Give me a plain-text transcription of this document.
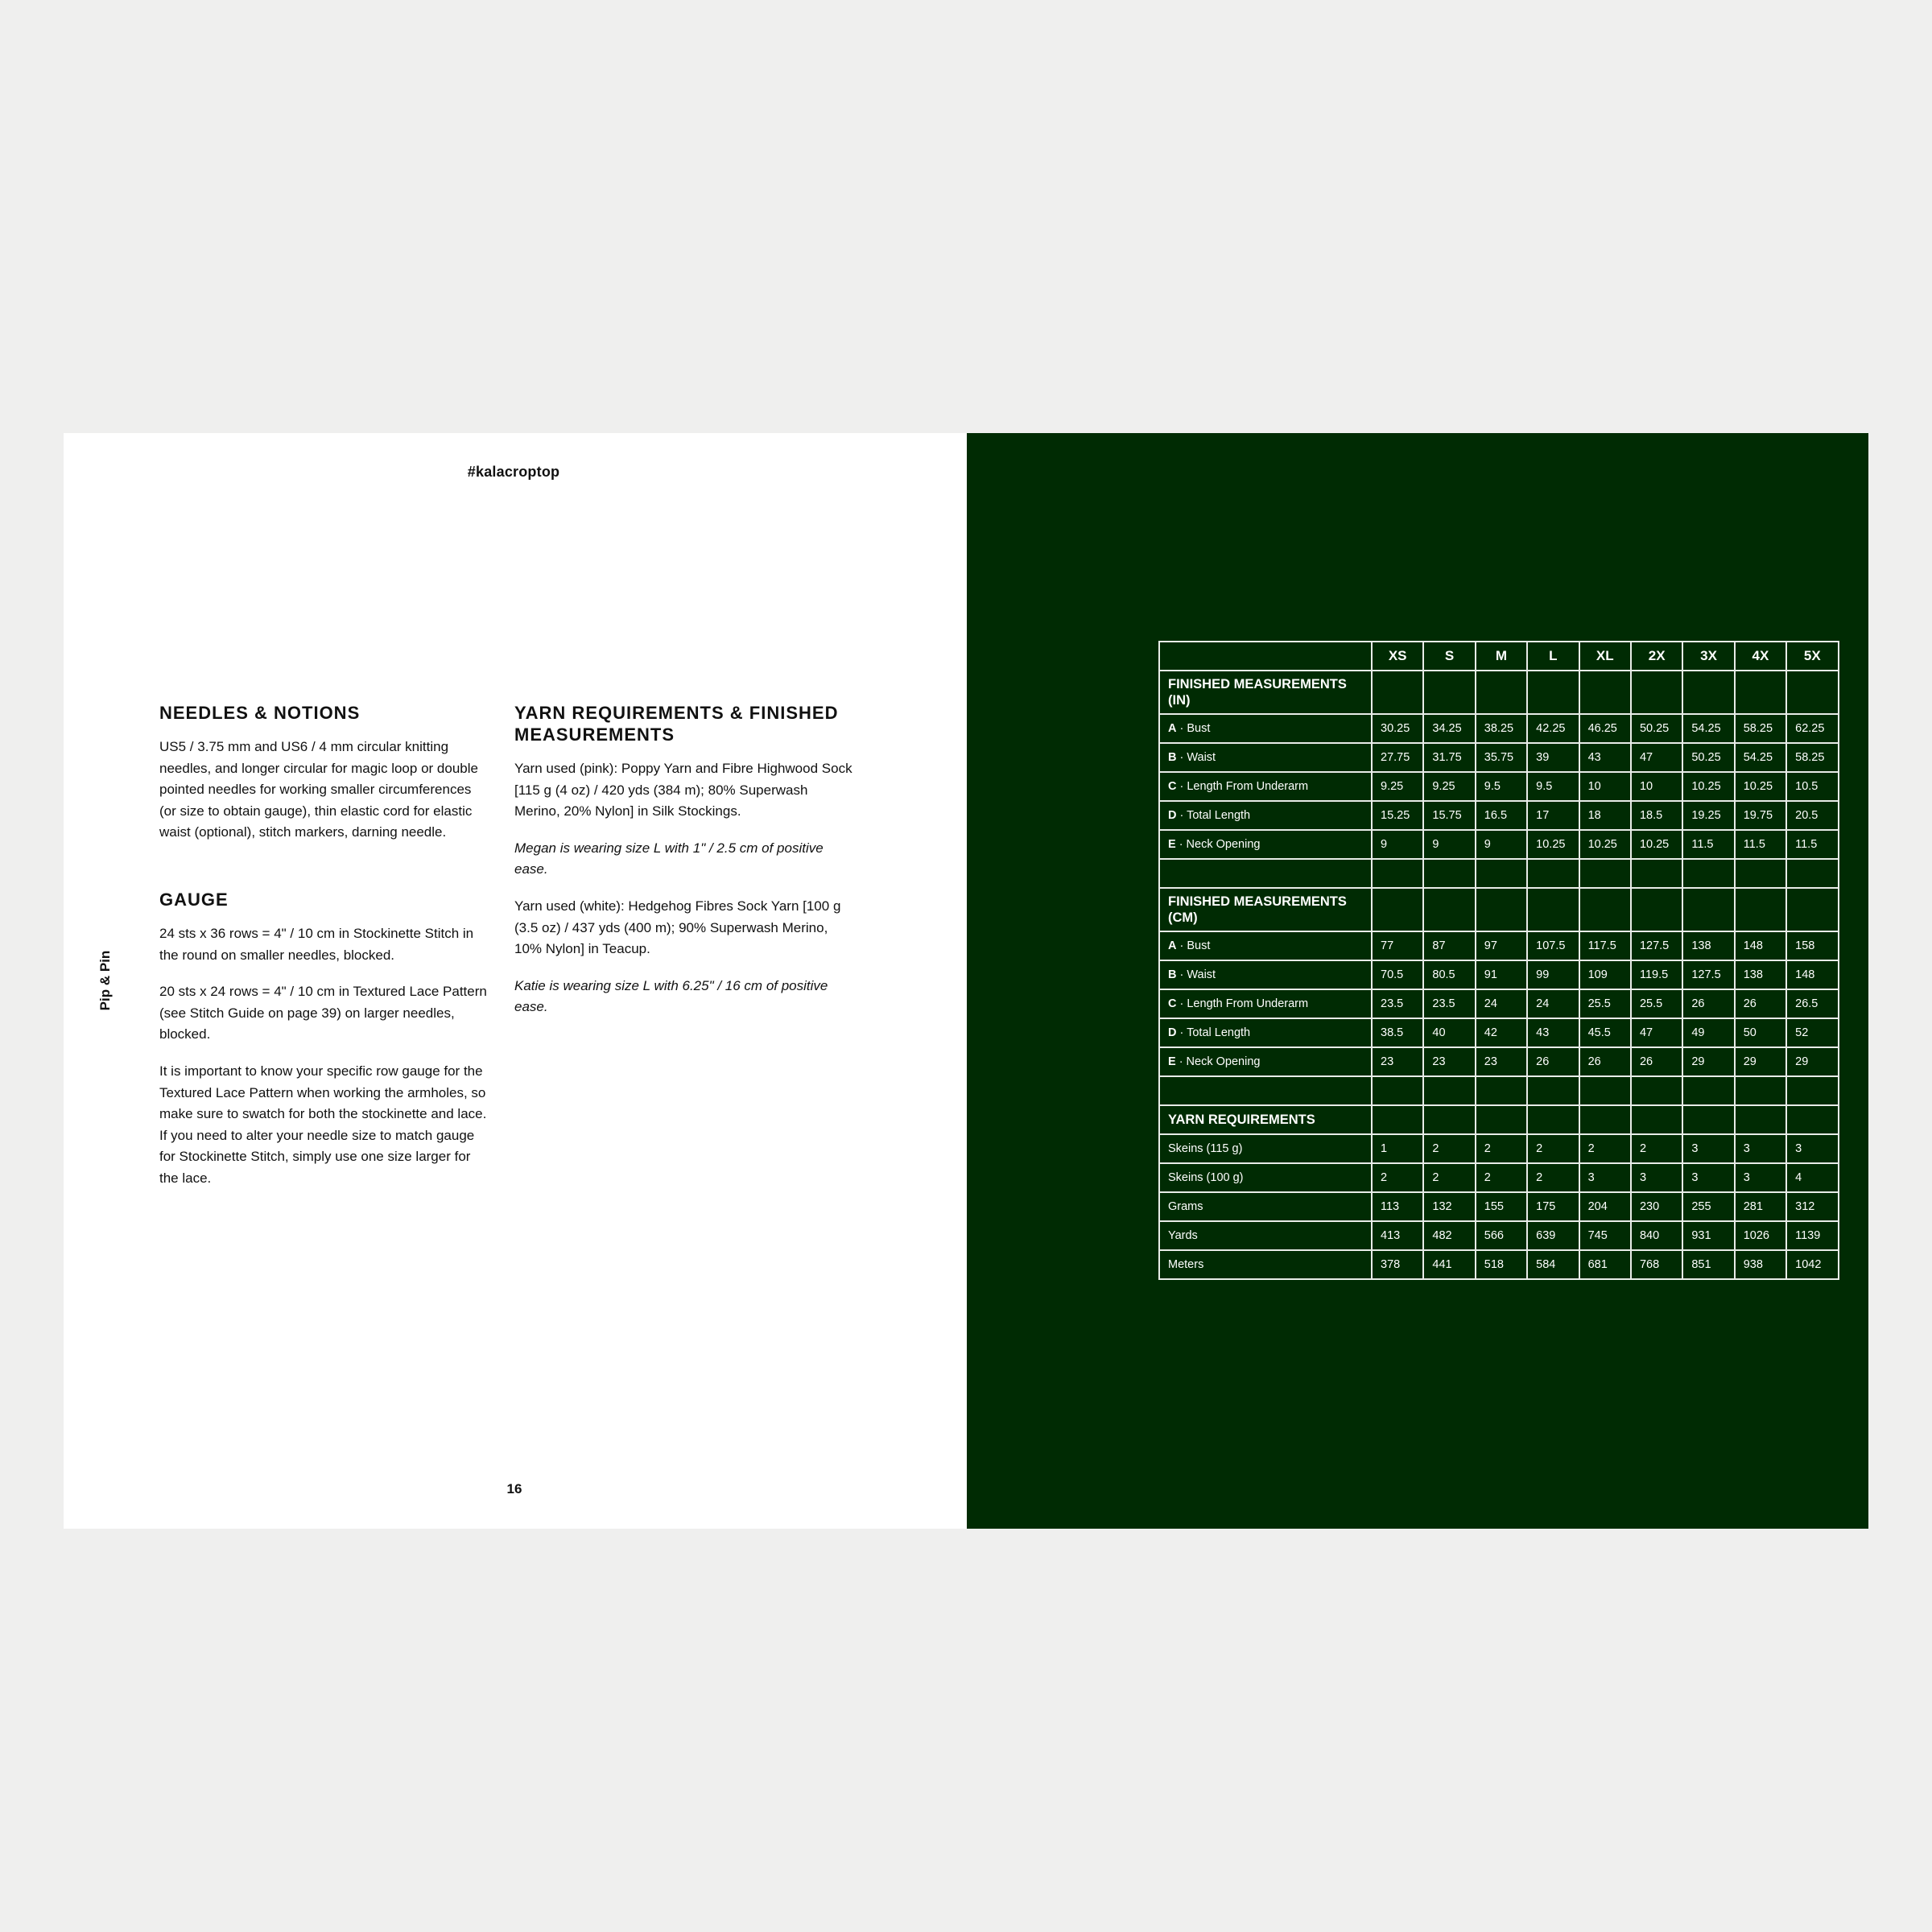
#kalacroptop
Pip & Pin
NEEDLES & NOTIONS

US5 / 3.75 mm and US6 / 4 mm circular knitting needles, and longer circular for magic loop or double pointed needles for working smaller circumferences (or size to obtain gauge), thin elastic cord for elastic waist (optional), stitch markers, darning needle.

GAUGE

24 sts x 36 rows = 4" / 10 cm in Stockinette Stitch in the round on smaller needles, blocked.

20 sts x 24 rows = 4" / 10 cm in Textured Lace Pattern (see Stitch Guide on page 39) on larger needles, blocked.

It is important to know your specific row gauge for the Textured Lace Pattern when working the armholes, so make sure to swatch for both the stockinette and lace. If you need to alter your needle size to match gauge for Stockinette Stitch, simply use one size larger for the lace.

YARN REQUIREMENTS & FINISHED MEASUREMENTS

Yarn used (pink): Poppy Yarn and Fibre Highwood Sock [115 g (4 oz) / 420 yds (384 m); 80% Superwash Merino, 20% Nylon] in Silk Stockings.

Megan is wearing size L with 1" / 2.5 cm of positive ease.

Yarn used (white): Hedgehog Fibres Sock Yarn [100 g (3.5 oz) / 437 yds (400 m); 90% Superwash Merino, 10% Nylon] in Teacup.

Katie is wearing size L with 6.25" / 16 cm of positive ease.

16
	XS	S	M	L	XL	2X	3X	4X	5X
FINISHED MEASUREMENTS (IN)									
A · Bust	30.25	34.25	38.25	42.25	46.25	50.25	54.25	58.25	62.25
B · Waist	27.75	31.75	35.75	39	43	47	50.25	54.25	58.25
C · Length From Underarm	9.25	9.25	9.5	9.5	10	10	10.25	10.25	10.5
D · Total Length	15.25	15.75	16.5	17	18	18.5	19.25	19.75	20.5
E · Neck Opening	9	9	9	10.25	10.25	10.25	11.5	11.5	11.5

FINISHED MEASUREMENTS (CM)									
A · Bust	77	87	97	107.5	117.5	127.5	138	148	158
B · Waist	70.5	80.5	91	99	109	119.5	127.5	138	148
C · Length From Underarm	23.5	23.5	24	24	25.5	25.5	26	26	26.5
D · Total Length	38.5	40	42	43	45.5	47	49	50	52
E · Neck Opening	23	23	23	26	26	26	29	29	29

YARN REQUIREMENTS									
Skeins (115 g)	1	2	2	2	2	2	3	3	3
Skeins (100 g)	2	2	2	2	3	3	3	3	4
Grams	113	132	155	175	204	230	255	281	312
Yards	413	482	566	639	745	840	931	1026	1139
Meters	378	441	518	584	681	768	851	938	1042
